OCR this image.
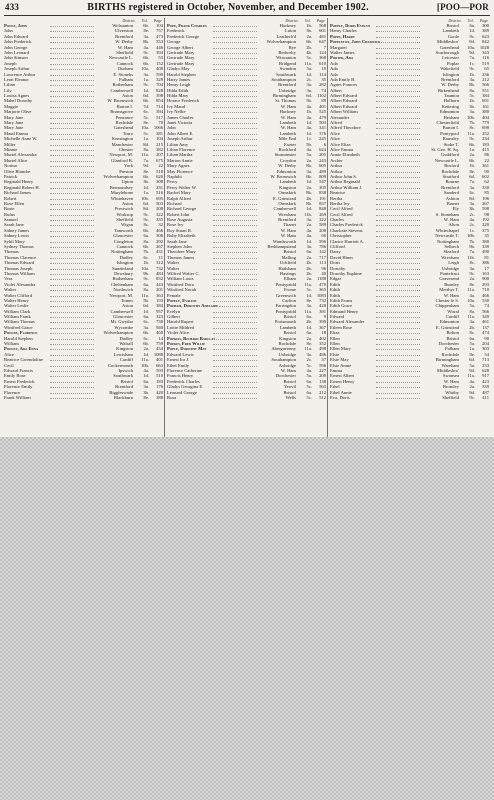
433	BIRTHS registered in October, November, and December 1902.	[POO—POR
District. Vol. Page
Poole, John	Wolstanton	6b.	104
John	Ulverston	8e.	757
John Edward	Brentford	3a.	473
John Frederick	W. Derby	8b.	553
John George	W. Ham	4a.	446
John Leonard	Sheffield	9c.	394
John Stinson	Newcastle L.	6b.	53
Joseph	Cannock	6b.	152
Joseph Arthur	Durham	10a.	400
Lawrence Arthur	E. Stonehs	3a.	590
Leon Eleanor	Fulham	1a.	329
Lilian	Rotherham	9c.	704
Lily	Camberwell	1d.	828
Louisa Agnes	Aston	6d.	398
Mabel Dorothy	W. Bromwich	6b.	854
Maggie	Barton I.	7d.	714
Marjorie Olive	Bromsgrove	6c.	394
Mary Jane	Penzance	5c.	517
Mary Jane	Rochdale	8e.	70
Mary Jane	Gateshead	10a.	1066
Maud Emma	Truro	5c.	381
Michelle Anne W.	Kensington	1a.	104
Miller	Manchester	8d.	215
Minnie	Chester	8a.	382
Muriel Alexandra	Newport, M.	11a.	207
Muriel Alice	Glanford B.	7a.	675
Norina	York	9d.	22
Olive Blanche	Preston	8e.	518
Patrick	Wolverhampton	6b.	620
Reginald Henry	Upton	3b.	308
Reginald Robert H.	Bermondsey	1d.	231
Richard James	Marylebone	1a.	516
Robert	Whitehaven	10b.	695
Rose Ellen	Aston	6d.	503
Rosie	Prestwich	8d.	208
Rufus	Worksop	9c.	322
Samuel	Sheffield	9c.	335
Sarah Jane	Wigan	8c.	32
Sidney James	Tamworth	6b.	466
Sidney Lewis	Gloucester	6a.	306
Sybil Mary	Congleton	8a.	292
Sydney Thomas	Cannock	6b.	267
Thomas	Nottingham	7b.	431
Thomas Clarence	Dudley	6c.	11
Thomas Edward	Islington	1b.	312
Thomas Joseph	Sunderland	10a.	732
Thomas William	Dewsbury	9b.	484
Vera	Rotherham	9c.	832
Violet Alexandra	Cheltenham	6a.	443
Walter	Northwich	8a.	201
Walter Clifford	Newport, M.	11a.	363
Walter Henry	Totnes	5b.	193
Walter Leslie	Aston	6d.	384
William Clark	Camberwell	1d.	957
William Frank	Gloucester	6a.	323
William Thomas	Mt. Gwytho	6c.	730
Winifred Grace	Wycombe	3a.	940
Poolee, Florence	Wolverhampton	6b.	460
Harold Stephen	Dudley	6c.	14
William	Walsall	6b.	759
Pooley, Ada Edna	Kingston	2a.	454
Alice	Lewisham	1d.	1088
Beatrice Gwendoline	Cardiff	11a.	401
Cecil	Cockermouth	10b.	663
Edward Francis	Ipswich	4a.	593
Emily Rose	Southwark	1d.	510
Ernest Frederick	Bristol	6a.	183
Florence Emily	Brentford	3a.	176
Florence	Biggleswade	3b.	420
Frank William	Blackburn	8e.	388
District. Vol. Page
Pope, Frank Charles	Hackney	1b.	568
Frederick	Luton	3b.	601
Frederick George	Leatherh'd	2a.	481
George	Wolverhampton	6b.	647
George Albert	Rye	2b.	7
Gertrude Mary	Bedwelty	4b.	124
Gertrude Mary	Wincanton	5c.	368
Gertrude Mary	Bridgend	11a.	610
Gladys May	Swindon	5a.	19
Harold Stephen	Southwark	1d.	114
Harry James	Southampton	2c.	35
Henry Leigh	Brentford	3a.	282
Hilda Edith	Uxbridge	3a.	74
Hilda Mary	Birmingham	6d.	1102
Horace Frederick	St. Thomas	5b.	89
Ivy Maud	W. Ham	4a.	401
Ivy Nellie	Hackney	1b.	525
James Charles	W. Ham	4a.	479
Janet Victoria	Lambeth	1d.	503
John	W. Ham	4a.	341
John Albert E.	Lambeth	1d.	376
Joseph Arthur	Mile End	1c.	245
Lilian Amy	Exeter	5b.	6
Lilian Florence	Rochford	4a.	624
Lilian Martha	Sturminster	5a.	205
Marion Annie	Croydon	2a.	243
Mary Agnes	W. Derby	8b.	605
May Florence	Edmonton	3a.	489
Naphthi	W. Bromwich	6b.	809
Percy	Lambeth	1d.	547
Percy Walter W.	Kingston	2a.	305
Rachel Mary	Ormskirk	8b.	838
Ralph Alfred	E. Grinstead	2b.	191
Richard	Ormskirk	8b.	837
Richard George	Camberwell	1d.	848
Robert John	Wrexham	11b.	269
Rose Augusta	Brentford	3a.	322
Rose Ivy	Thanet	2a.	589
Roy Stuart R.	W. Ham	4a.	208
Ruby Elizabeth	W. Ham	4a.	60
Sarah Jane	Wandsworth	1d.	596
Stephen John	Berkhampstead	3a.	786
Theodore Mary	Bristol	6a.	142
Thomas James	Malling	2a.	717
Walter	Uckfield	2b.	113
Walter	Hailsham	2b.	96
Wilfred Walter C.	Hastings	2b.	40
William Louis	Elham	2a.	1188
Winifred Dora	Pontypridd	11a.	470
Winifred Norah	Frome	5c.	365
Female	Greenwich	1d.	1083
Popely, Evaline	Carlton	8e.	732
Popham, Dorothy Adelaide	Farringdon	3a.	428
Evelyn	Pontypridd	11a.	391
Gilbert	Bristol	6a.	9
Harold Rupert	Portsmouth	2b.	390
Lottie Mildred	Lambeth	1d.	367
Violet Alice	Bristol	6a.	18
Popkiss, Richard Barclay	Kingston	2a.	402
Popkin, Fred Willie	Rochdale	8e.	352
Pople, Dorothy May	Abergavenny	11a.	498
Edward Lewis	Uxbridge	3a.	486
Ernest Ira J.	Southampton	2c.	37
Ethel Emily	Axbridge	5c.	596
Florence Catherine	W. Ham	4a.	227
Francis Henry	Dorchester	5a.	200
Frederick Charles	Bristol	6a.	138
Gladys Georgina E.	Yeovil	5c.	563
Leonard George	Bristol	6a.	212
Rosa	Wells	5c.	512
District. Vol. Page
Popple, Doris Evelyn	Bristol	6a.	300
Henry Charles	Lambeth	1d.	389
Popps, Harry	Goole	9c.	623
Poppleton, John Chadwick	Middlesbro'	9d.	842
Margaret	Gateshead	10a.	1028
Walter James	Scarborough	9d.	343
Porter, Ada	Leicester	7a.	116
Ada	Poplar	1c.	519
Ada	Wakefield	9c.	65
Ada	Islington	1b.	236
Ada Emily B.	Brentford	3a.	212
Agnes Frances	W. Derby	8b.	566
Albert	Birkenhead	8a.	551
Albert Edward	Taunton	5c.	384
Albert Edward	Holborn	1b.	691
Albert Edward	Kettering	3b.	161
Albert William	Edmonton	3a.	380
Alexander	Hexham	10b.	404
Alfred	Chesterfield	7b.	779
Alfred Theodore	Barton I.	8c.	698
Alice	Pontypool	11a.	252
Alice	Barnsley	9c.	234
Alice Eliza	Stoke T.	6b.	183
Alice Emma	St. Geo. H. Sq.	1a.	415
Annie Elizabeth	Guildford	2a.	86
Archer	Newcastle L.	6b.	22
Arthur	Bosford	1b.	361
Arthur	Rochdale	8e.	90
Arthur John S.	Stratford	6d.	602
Arthur Reginald	Bourne	7a.	62
Arthur William J.	Brentford	3a.	330
Beatrice	Sanderd	6c.	85
Bertha	Ashton	8d.	196
Bertha Ivy	Barnet	3a.	267
Cecil Alfred	Ely	3b.	598
Cecil Alfred	S. Stoneham	2c.	98
Charles	W. Ham	4a.	192
Charles Frederick	Alton	2c.	220
Charlotte Stevens	Whitechapel	1c.	375
Christopher	Newcastle T.	10b.	35
Clarice Harriett A.	Nottingham	7b.	380
Clifford	Selbech	9b.	339
Daisy	Sleaford	7a.	490
David Hines	Wrexham	11b.	81
Doris	Leigh	8c.	386
Dorothy	Uxbridge	3a.	17
Dorothy Euphine	Pontefract	9c.	163
Edgar	Gravesend	2a.	900
Edith	Burnley	8e.	293
Edith	Merthyr T.	11a.	710
Edith	W. Ham	4a.	466
Edith Evans	Chester le S.	10a.	530
Edith Grace	Chippenham	5a.	74
Edmund Henry	Wirral	8a.	566
Edward	Cardiff	11a.	349
Edward Alexander	Edmonton	3a.	461
Eileen Rose	E. Grinstead	2b.	137
Eliza	Bolton	8c.	474
Ellen	Bristol	6a.	90
Ellen	Dorchester	5a.	204
Ellen Mary	Fulham	1a.	303
Elsie	Rochdale	8e.	54
Elsie May	Birmingham	6d.	713
Elsie Annie	Wareham	5a.	233
Emma	Middlesbro'	9d.	628
Ernest Albert	Swansea	11a.	917
Ernest Henry	W. Ham	4a.	423
Ethel	Bromley	2a.	339
Ethel Annie	Whitby	9d.	487
Eva, Doris	Sheffield	9c.	411
